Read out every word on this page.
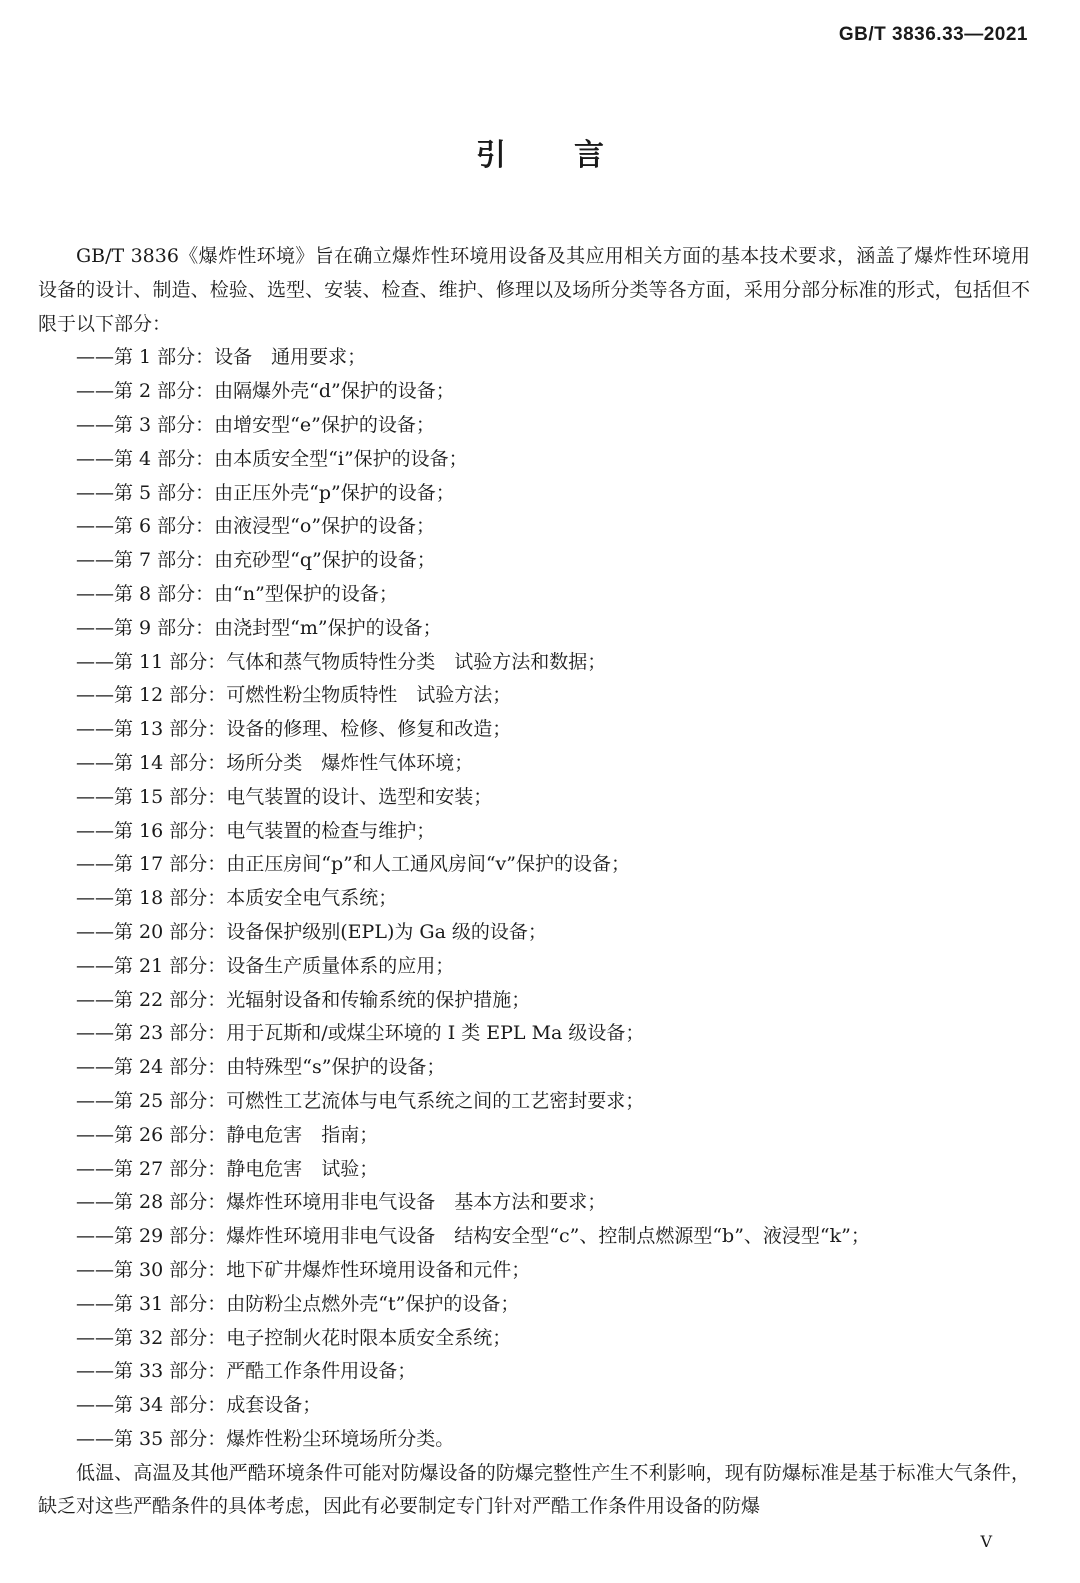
GB/T 3836.33—2021
引言

GB/T 3836《爆炸性环境》旨在确立爆炸性环境用设备及其应用相关方面的基本技术要求，涵盖了爆炸性环境用设备的设计、制造、检验、选型、安装、检查、维护、修理以及场所分类等各方面，采用分部分标准的形式，包括但不限于以下部分：

——第 1 部分：设备　通用要求；
——第 2 部分：由隔爆外壳“d”保护的设备；
——第 3 部分：由增安型“e”保护的设备；
——第 4 部分：由本质安全型“i”保护的设备；
——第 5 部分：由正压外壳“p”保护的设备；
——第 6 部分：由液浸型“o”保护的设备；
——第 7 部分：由充砂型“q”保护的设备；
——第 8 部分：由“n”型保护的设备；
——第 9 部分：由浇封型“m”保护的设备；
——第 11 部分：气体和蒸气物质特性分类　试验方法和数据；
——第 12 部分：可燃性粉尘物质特性　试验方法；
——第 13 部分：设备的修理、检修、修复和改造；
——第 14 部分：场所分类　爆炸性气体环境；
——第 15 部分：电气装置的设计、选型和安装；
——第 16 部分：电气装置的检查与维护；
——第 17 部分：由正压房间“p”和人工通风房间“v”保护的设备；
——第 18 部分：本质安全电气系统；
——第 20 部分：设备保护级别(EPL)为 Ga 级的设备；
——第 21 部分：设备生产质量体系的应用；
——第 22 部分：光辐射设备和传输系统的保护措施；
——第 23 部分：用于瓦斯和/或煤尘环境的 I 类 EPL Ma 级设备；
——第 24 部分：由特殊型“s”保护的设备；
——第 25 部分：可燃性工艺流体与电气系统之间的工艺密封要求；
——第 26 部分：静电危害　指南；
——第 27 部分：静电危害　试验；
——第 28 部分：爆炸性环境用非电气设备　基本方法和要求；
——第 29 部分：爆炸性环境用非电气设备　结构安全型“c”、控制点燃源型“b”、液浸型“k”；
——第 30 部分：地下矿井爆炸性环境用设备和元件；
——第 31 部分：由防粉尘点燃外壳“t”保护的设备；
——第 32 部分：电子控制火花时限本质安全系统；
——第 33 部分：严酷工作条件用设备；
——第 34 部分：成套设备；
——第 35 部分：爆炸性粉尘环境场所分类。

低温、高温及其他严酷环境条件可能对防爆设备的防爆完整性产生不利影响，现有防爆标准是基于标准大气条件，缺乏对这些严酷条件的具体考虑，因此有必要制定专门针对严酷工作条件用设备的防爆

V
